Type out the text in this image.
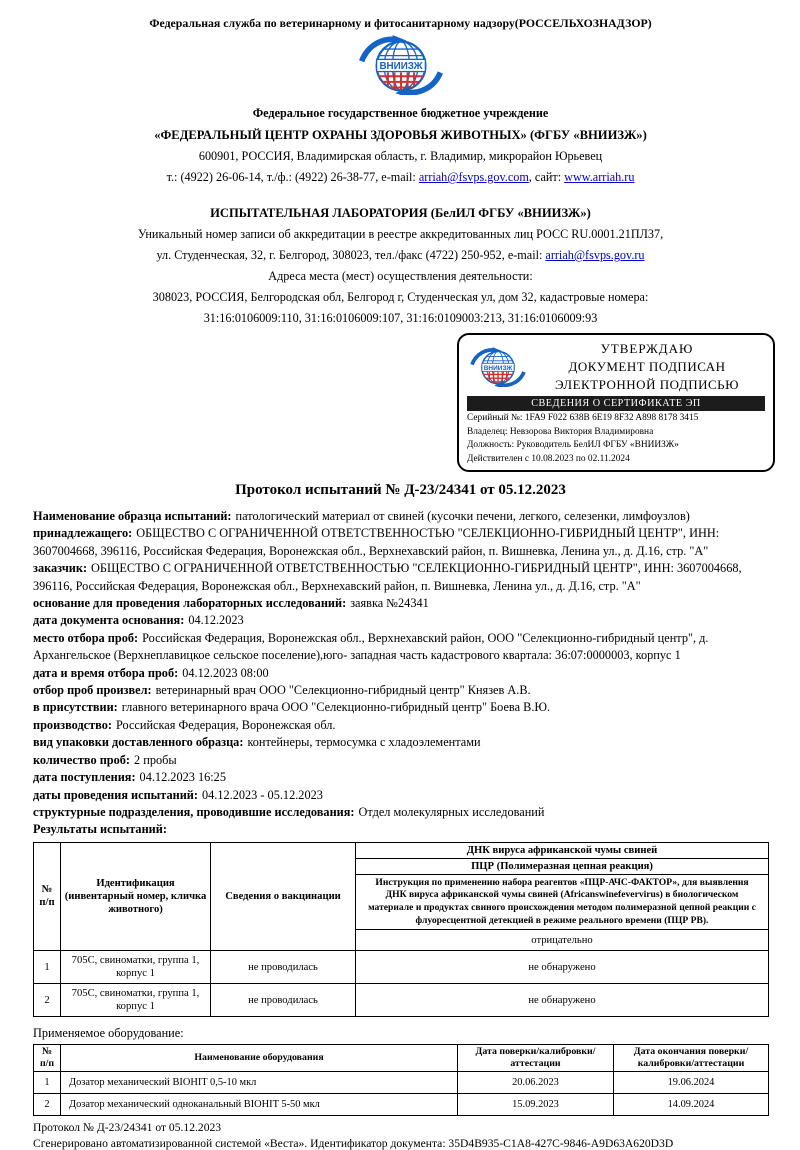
Федеральная служба по ветеринарному и фитосанитарному надзору(РОССЕЛЬХОЗНАДЗОР)
ВНИИЗЖ
Федеральное государственное бюджетное учреждение
«ФЕДЕРАЛЬНЫЙ ЦЕНТР ОХРАНЫ ЗДОРОВЬЯ ЖИВОТНЫХ» (ФГБУ «ВНИИЗЖ»)
600901, РОССИЯ, Владимирская область, г. Владимир, микрорайон Юрьевец
т.: (4922) 26-06-14, т./ф.: (4922) 26-38-77, e-mail: arriah@fsvps.gov.com, сайт: www.arriah.ru
ИСПЫТАТЕЛЬНАЯ ЛАБОРАТОРИЯ (БелИЛ ФГБУ «ВНИИЗЖ»)
Уникальный номер записи об аккредитации в реестре аккредитованных лиц РОСС RU.0001.21ПЛ37,
ул. Студенческая, 32, г. Белгород, 308023, тел./факс (4722) 250-952, e-mail: arriah@fsvps.gov.ru
Адреса места (мест) осуществления деятельности:
308023, РОССИЯ, Белгородская обл, Белгород г, Студенческая ул, дом 32, кадастровые номера:
31:16:0106009:110, 31:16:0106009:107, 31:16:0109003:213, 31:16:0106009:93
ВНИИЗЖ
УТВЕРЖДАЮ
ДОКУМЕНТ ПОДПИСАН
ЭЛЕКТРОННОЙ ПОДПИСЬЮ
СВЕДЕНИЯ О СЕРТИФИКАТЕ ЭП
Серийный №: 1FA9 F022 638B 6E19 8F32 A898 8178 3415
Владелец: Невзорова Виктория Владимировна
Должность: Руководитель БелИЛ ФГБУ «ВНИИЗЖ»
Действителен с 10.08.2023 по 02.11.2024
Протокол испытаний № Д-23/24341 от 05.12.2023
Наименование образца испытаний: патологический материал от свиней (кусочки печени, легкого, селезенки, лимфоузлов)
принадлежащего: ОБЩЕСТВО С ОГРАНИЧЕННОЙ ОТВЕТСТВЕННОСТЬЮ "СЕЛЕКЦИОННО-ГИБРИДНЫЙ ЦЕНТР", ИНН: 3607004668, 396116, Российская Федерация, Воронежская обл., Верхнехавский район, п. Вишневка, Ленина ул., д. Д.16, стр. "А"
заказчик: ОБЩЕСТВО С ОГРАНИЧЕННОЙ ОТВЕТСТВЕННОСТЬЮ "СЕЛЕКЦИОННО-ГИБРИДНЫЙ ЦЕНТР", ИНН: 3607004668, 396116, Российская Федерация, Воронежская обл., Верхнехавский район, п. Вишневка, Ленина ул., д. Д.16, стр. "А"
основание для проведения лабораторных исследований: заявка №24341
дата документа основания: 04.12.2023
место отбора проб: Российская Федерация, Воронежская обл., Верхнехавский район, ООО "Селекционно-гибридный центр", д. Архангельское (Верхнеплавицкое сельское поселение),юго- западная часть кадастрового квартала: 36:07:0000003, корпус 1
дата и время отбора проб: 04.12.2023 08:00
отбор проб произвел: ветеринарный врач ООО "Селекционно-гибридный центр" Князев А.В.
в присутствии: главного ветеринарного врача ООО "Селекционно-гибридный центр" Боева В.Ю.
производство: Российская Федерация, Воронежская обл.
вид упаковки доставленного образца: контейнеры, термосумка с хладоэлементами
количество проб: 2 пробы
дата поступления: 04.12.2023 16:25
даты проведения испытаний: 04.12.2023 - 05.12.2023
структурные подразделения, проводившие исследования: Отдел молекулярных исследований
Результаты испытаний:
№ п/п	Идентификация (инвентарный номер, кличка животного)	Сведения о вакцинации	ДНК вируса африканской чумы свиней
			ПЦР (Полимеразная цепная реакция)
			Инструкция по применению набора реагентов «ПЦР-АЧС-ФАКТОР», для выявления ДНК вируса африканской чумы свиней (Africanswinefevervirus) в биологическом материале и продуктах свиного происхождения методом полимеразной цепной реакции с флуоресцентной детекцией в режиме реального времени (ПЦР РВ).
			отрицательно
1	705С, свиноматки, группа 1, корпус 1	не проводилась	не обнаружено
2	705С, свиноматки, группа 1, корпус 1	не проводилась	не обнаружено
Применяемое оборудование:
№ п/п	Наименование оборудования	Дата поверки/калибровки/аттестации	Дата окончания поверки/калибровки/аттестации
1	Дозатор механический BIOHIT 0,5-10 мкл	20.06.2023	19.06.2024
2	Дозатор механический одноканальный BIOHIT 5-50 мкл	15.09.2023	14.09.2024
Протокол № Д-23/24341 от 05.12.2023
Сгенерировано автоматизированной системой «Веста». Идентификатор документа: 35D4B935-C1A8-427C-9846-A9D63A620D3D
